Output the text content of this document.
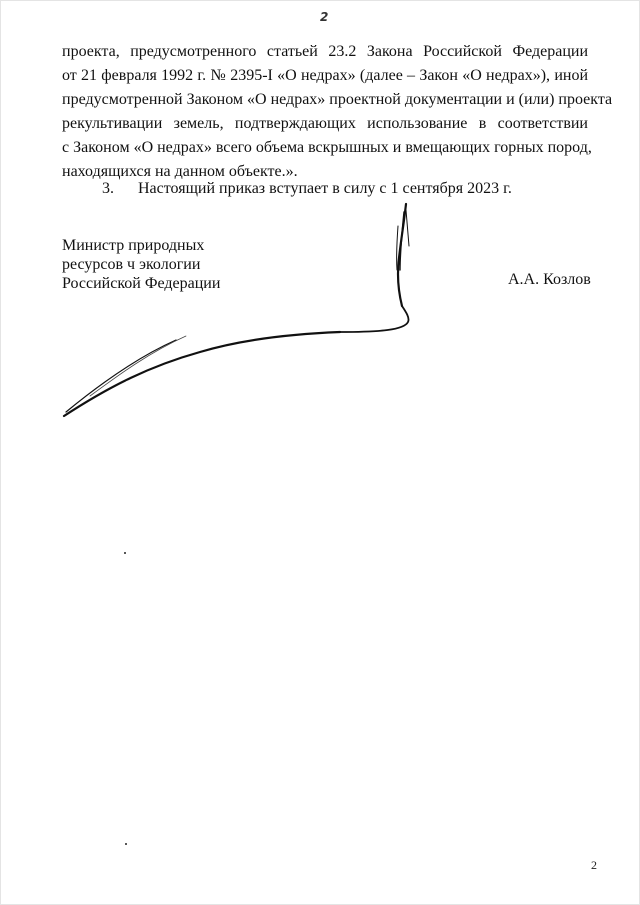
2
проекта, предусмотренного статьей 23.2 Закона Российской Федерации
от 21 февраля 1992 г. № 2395-I «О недрах» (далее – Закон «О недрах»), иной
предусмотренной Законом «О недрах» проектной документации и (или) проекта
рекультивации земель, подтверждающих использование в соответствии
с Законом «О недрах» всего объема вскрышных и вмещающих горных пород,
находящихся на данном объекте.».
3. Настоящий приказ вступает в силу с 1 сентября 2023 г.
Министр природных
ресурсов ч экологии
Российской Федерации	А.А. Козлов
2
